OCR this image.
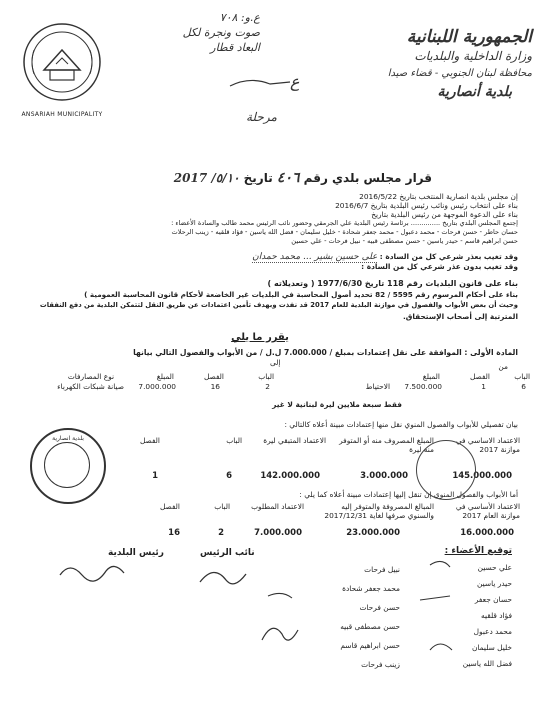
ANSARIAH MUNICIPALITY
ع.و: ٧٠٨
صوت ونجرة لكل
البعاد قطار
ع
مرحلة
الجمهورية اللبنانية
وزارة الداخلية والبلديات
محافظة لبنان الجنوبي - قضاء صيدا
بلدية أنصارية
قرار مجلس بلدي رقم ٤٠٦ تاريخ ٥/١٠/ 2017
إن مجلس بلدية انصارية المنتخب بتاريخ 2016/5/22
بناء على انتخاب رئيس ونائب رئيس البلدية بتاريخ 2016/6/7
بناء على الدعوة الموجهة من رئيس البلدية بتاريخ
إجتمع المجلس البلدي بتاريخ .............. برئاسة رئيس البلدية علي الجرمقي وحضور نائب الرئيس محمد طالب والسادة الأعضاء :
حسان حاطر - حسن فرحات - محمد دعبول - محمد جعفر شحادة - خليل سليمان - فضل الله ياسين - فؤاد قلقيه - زينب الرحلات
حسن ابراهيم قاسم - حيدر ياسين - حسن مصطفى قبيه - نبيل فرحات - علي حسين
وقد تغيب بعذر شرعي كل من السادة : على حسين بشير ... محمد حمدان
وقد تغيب بدون عذر شرعي كل من السادة :
بناء على قانون البلديات رقم 118 تاريخ 1977/6/30 ( وتعديلاته )
بناء على أحكام المرسوم رقم 5595 / 82 تحديد أصول المحاسبة في البلديات غير الخاضعة لأحكام قانون المحاسبة العمومية )
وحيث أن بعض الأبواب والفصول في موازنة البلدية للعام 2017 قد نفذت وبهدف تأمين اعتمادات عن طريق النقل لتتمكن البلدية من دفع النفقات
المترتبة إلى أصحاب الإستحقاق.
يقرر ما يلي
المادة الأولى : الموافقة على نقل إعتمادات بمبلغ / 7.000.000 ل.ل / من الأبواب والفصول التالي بيانها
من
الباب
الفصل
المبلغ
6
1
7.500.000
الاحتياط
إلى
الباب
الفصل
المبلغ
نوع المصارفات
2
16
7.000.000
صيانة شبكات الكهرباء
فقط سبعة ملايين ليرة لبنانية لا غير
بيان تفصيلي للأبواب والفصول المنوي نقل منها إعتمادات مبينة أعلاه كالتالي :
الاعتماد الاساسي في موازنة 2017
المبلغ المصروف منه أو المتوفر منه ليرة
الاعتماد المتبقي ليرة
الباب
الفصل
145.000.000
3.000.000
142.000.000
6
1
أما الأبواب والفصول المنوي إن تنقل إليها إعتمادات مبينة أعلاه كما يلي :
الاعتماد الأساسي في موازنة العام 2017
المبالغ المصروفة والمتوفر إليه والسنوي صرفها لغاية 2017/12/31
الاعتماد المطلوب
الباب
الفصل
16.000.000
23.000.000
7.000.000
2
16
بلدية انصارية
رئيس البلدية	نائب الرئيس	توقيع الأعضاء :
علي حسين
حيدر ياسين
حسان جعفر
فؤاد قلقيه
محمد دعبول
خليل سليمان
فضل الله ياسين
نبيل فرحات
محمد جعفر شحادة
حسن فرحات
حسن مصطفى قبيه
حسن ابراهيم قاسم
زينب فرحات
